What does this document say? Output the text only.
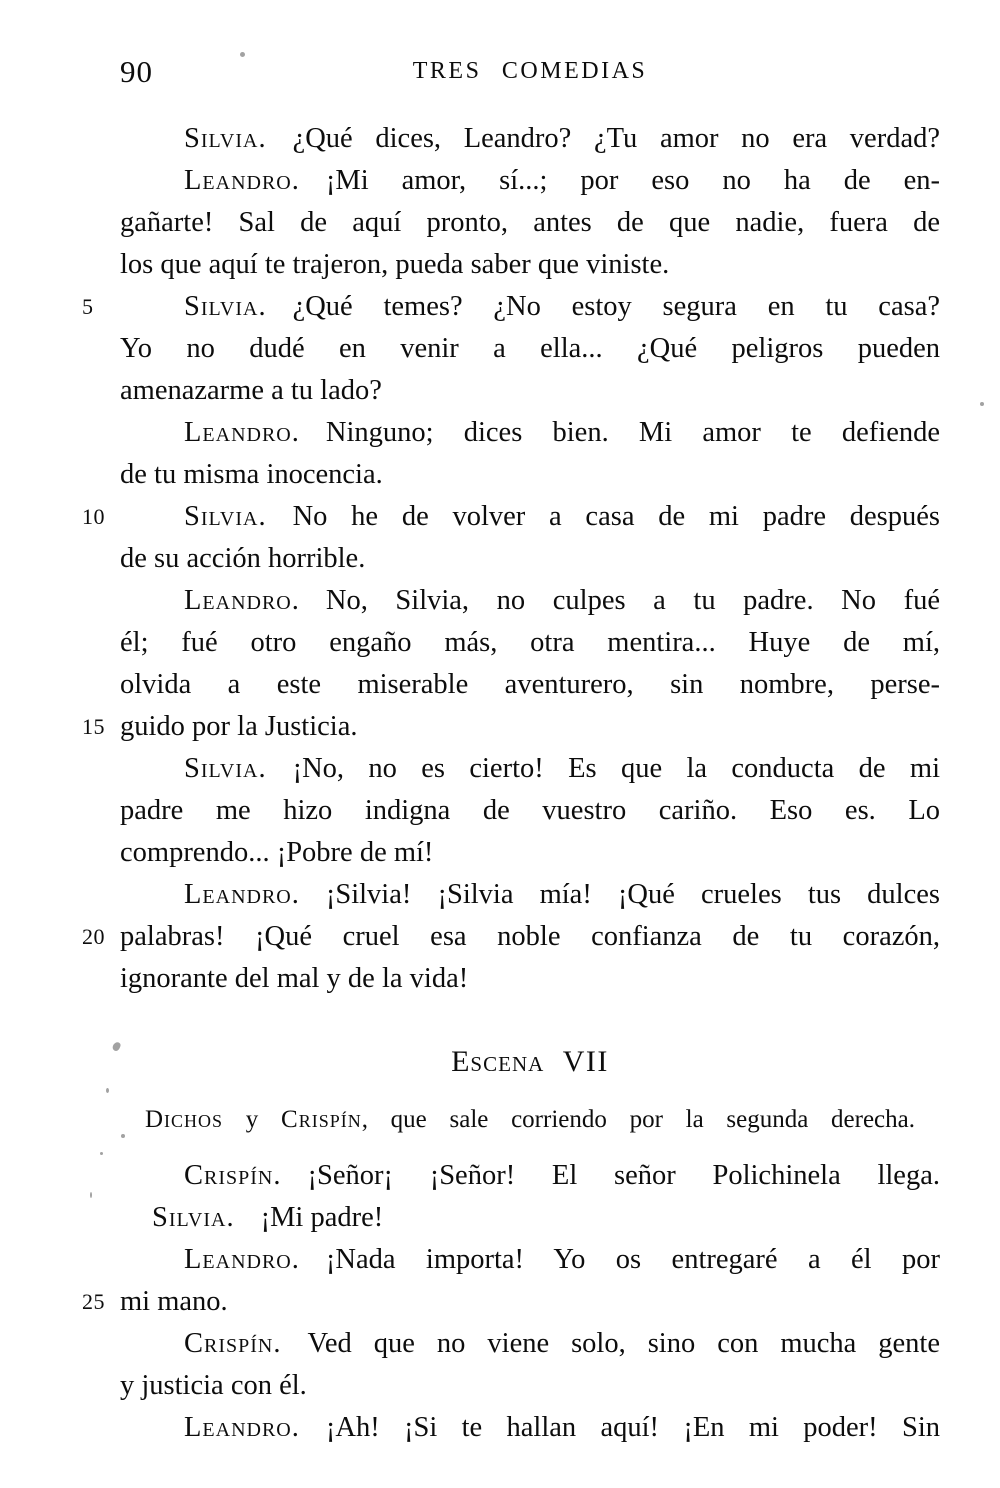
90	TRES COMEDIAS
Silvia. ¿Qué dices, Leandro? ¿Tu amor no era verdad?
Leandro. ¡Mi amor, sí...; por eso no ha de en-
gañarte! Sal de aquí pronto, antes de que nadie, fuera de
los que aquí te trajeron, pueda saber que viniste.
5	Silvia. ¿Qué temes? ¿No estoy segura en tu casa?
Yo no dudé en venir a ella... ¿Qué peligros pueden
amenazarme a tu lado?
Leandro. Ninguno; dices bien. Mi amor te defiende
de tu misma inocencia.
10	Silvia. No he de volver a casa de mi padre después
de su acción horrible.
Leandro. No, Silvia, no culpes a tu padre. No fué
él; fué otro engaño más, otra mentira... Huye de mí,
olvida a este miserable aventurero, sin nombre, perse-
15 guido por la Justicia.
Silvia. ¡No, no es cierto! Es que la conducta de mi
padre me hizo indigna de vuestro cariño. Eso es. Lo
comprendo... ¡Pobre de mí!
Leandro. ¡Silvia! ¡Silvia mía! ¡Qué crueles tus dulces
20 palabras! ¡Qué cruel esa noble confianza de tu corazón,
ignorante del mal y de la vida!
Escena VII
Dichos y Crispín, que sale corriendo por la segunda derecha.
Crispín. ¡Señor¡ ¡Señor! El señor Polichinela llega.
Silvia. ¡Mi padre!
Leandro. ¡Nada importa! Yo os entregaré a él por
25 mi mano.
Crispín. Ved que no viene solo, sino con mucha gente
y justicia con él.
Leandro. ¡Ah! ¡Si te hallan aquí! ¡En mi poder! Sin
